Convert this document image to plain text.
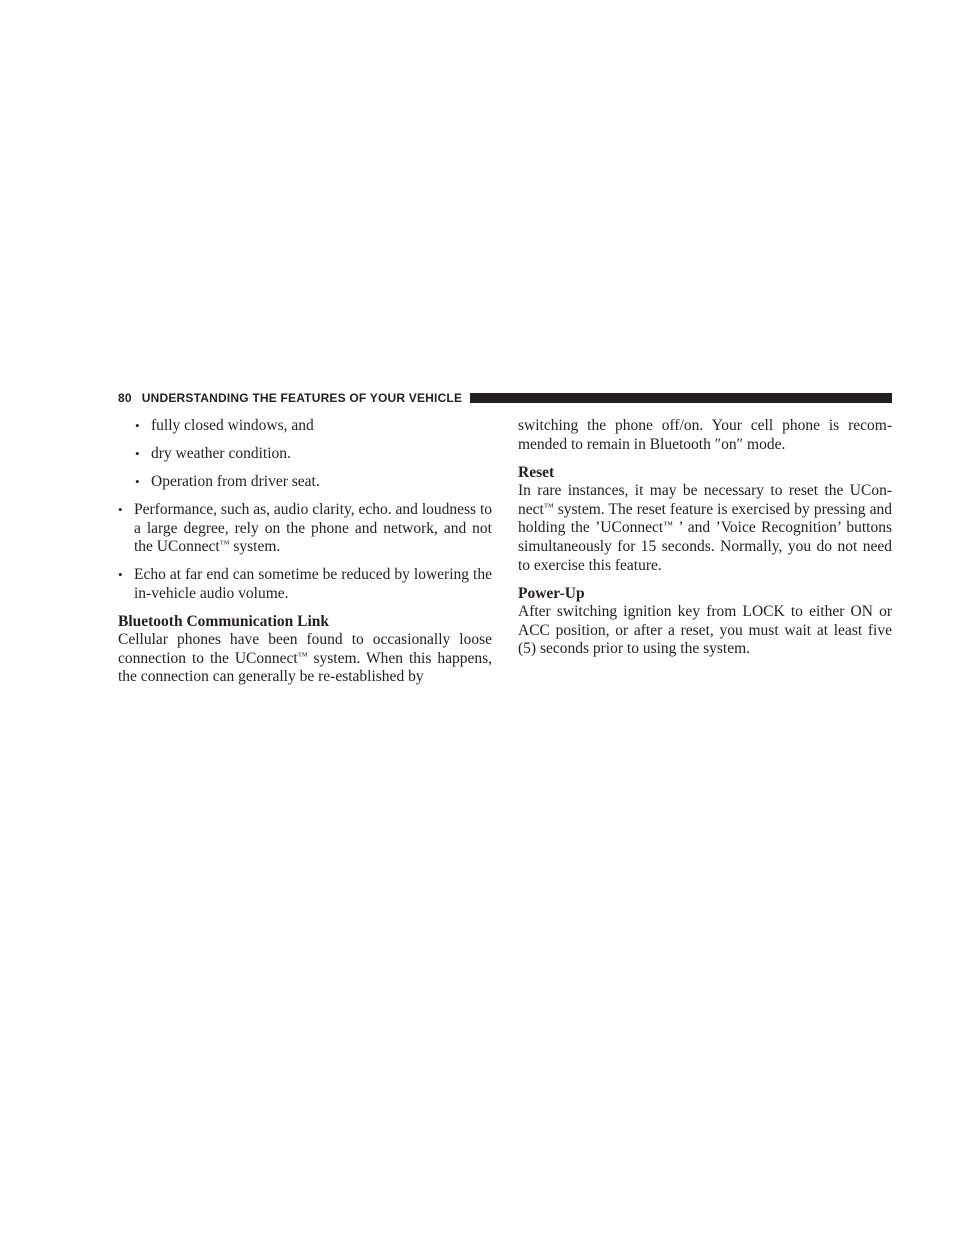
80 UNDERSTANDING THE FEATURES OF YOUR VEHICLE
• fully closed windows, and
• dry weather condition.
• Operation from driver seat.
• Performance, such as, audio clarity, echo. and loudness to a large degree, rely on the phone and network, and not the UConnect™ system.
• Echo at far end can sometime be reduced by lowering the in-vehicle audio volume.

Bluetooth Communication Link

Cellular phones have been found to occasionally loose connection to the UConnect™ system. When this happens, the connection can generally be re-established by

switching the phone off/on. Your cell phone is recommended to remain in Bluetooth ″on″ mode.

Reset

In rare instances, it may be necessary to reset the UConnect™ system. The reset feature is exercised by pressing and holding the ’UConnect™ ’ and ’Voice Recognition’ buttons simultaneously for 15 seconds. Normally, you do not need to exercise this feature.

Power-Up

After switching ignition key from LOCK to either ON or ACC position, or after a reset, you must wait at least five (5) seconds prior to using the system.
